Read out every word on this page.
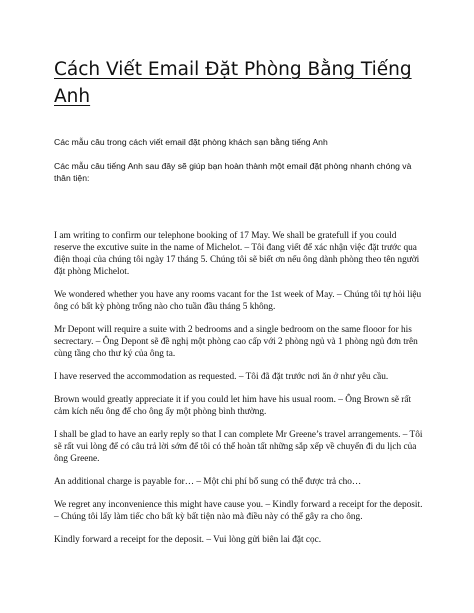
Cách Viết Email Đặt Phòng Bằng Tiếng Anh

Các mẫu câu trong cách viết email đặt phòng khách sạn bằng tiếng Anh

Các mẫu câu tiếng Anh sau đây sẽ giúp bạn hoàn thành một email đặt phòng nhanh chóng và thân tiện:

I am writing to confirm our telephone booking of 17 May. We shall be gratefull if you could reserve the excutive suite in the name of Michelot. – Tôi đang viết để xác nhận việc đặt trước qua điện thoại của chúng tôi ngày 17 tháng 5. Chúng tôi sẽ biết ơn nếu ông dành phòng theo tên người đặt phòng Michelot.

We wondered whether you have any rooms vacant for the 1st week of May. – Chúng tôi tự hỏi liệu ông có bất kỳ phòng trống nào cho tuần đầu tháng 5 không.

Mr Depont will require a suite with 2 bedrooms and a single bedroom on the same flooor for his secrectary. – Ông Depont sẽ đề nghị một phòng cao cấp với 2 phòng ngủ và 1 phòng ngủ đơn trên cùng tầng cho thư ký của ông ta.

I have reserved the accommodation as requested. – Tôi đã đặt trước nơi ăn ở như yêu cầu.

Brown would greatly appreciate it if you could let him have his usual room. – Ông Brown sẽ rất cảm kích nếu ông để cho ông ấy một phòng bình thường.

I shall be glad to have an early reply so that I can complete Mr Greene’s travel arrangements. – Tôi sẽ rất vui lòng để có câu trả lời sớm để tôi có thể hoàn tất những sắp xếp về chuyến đi du lịch của ông Greene.

An additional charge is payable for… – Một chi phí bổ sung có thể được trả cho…

We regret any inconvenience this might have cause you. – Kindly forward a receipt for the deposit. – Chúng tôi lấy làm tiếc cho bất kỳ bất tiện nào mà điều này có thể gây ra cho ông.

Kindly forward a receipt for the deposit. – Vui lòng gửi biên lai đặt cọc.
